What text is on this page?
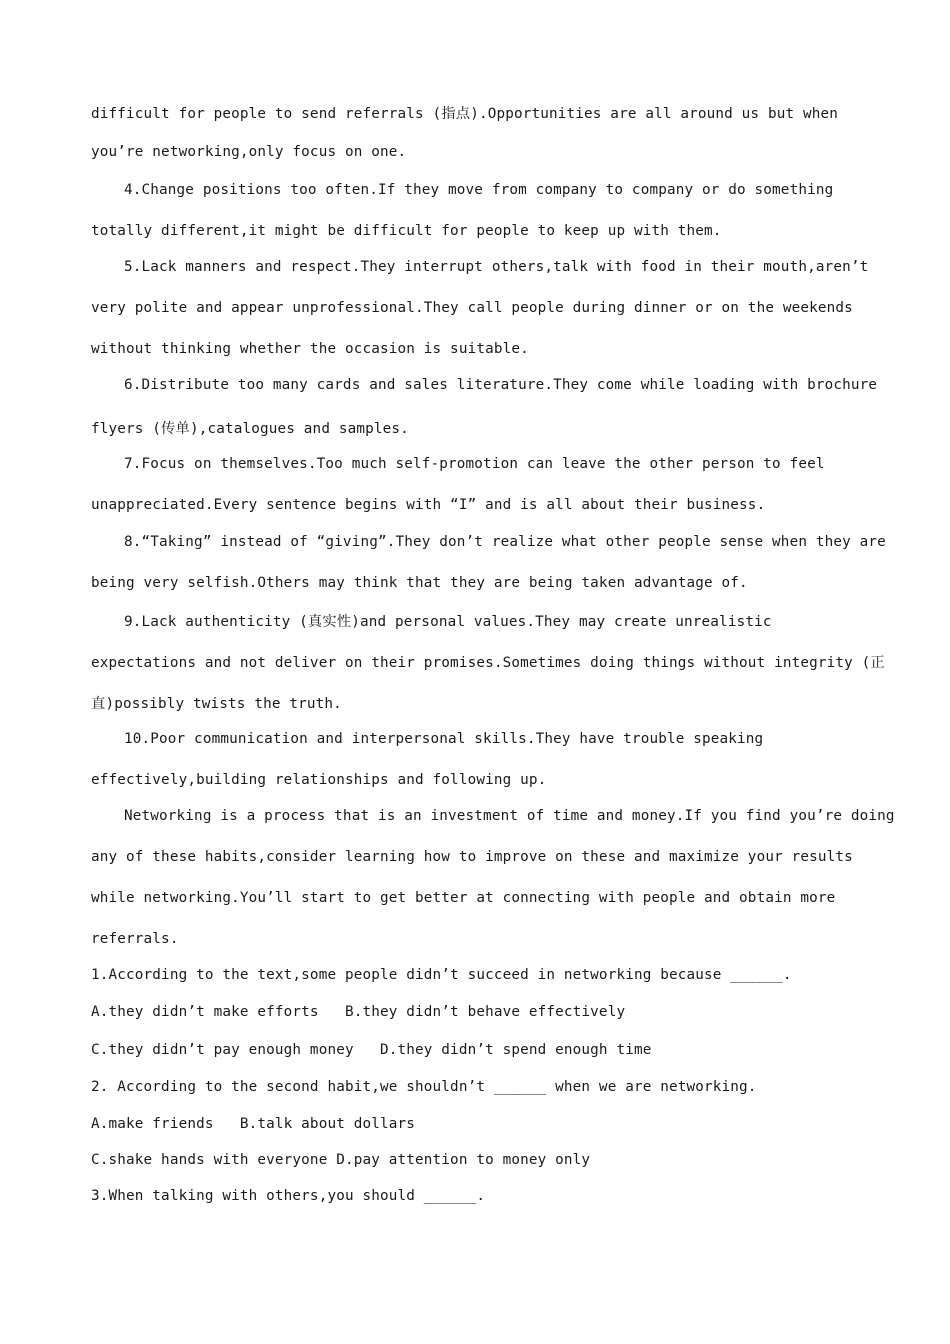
difficult for people to send referrals (指点).Opportunities are all around us but when
you’re networking,only focus on one.
4.Change positions too often.If they move from company to company or do something
totally different,it might be difficult for people to keep up with them.
5.Lack manners and respect.They interrupt others,talk with food in their mouth,aren’t
very polite and appear unprofessional.They call people during dinner or on the weekends
without thinking whether the occasion is suitable.
6.Distribute too many cards and sales literature.They come while loading with brochure
flyers (传单),catalogues and samples.
7.Focus on themselves.Too much self-promotion can leave the other person to feel
unappreciated.Every sentence begins with “I” and is all about their business.
8.“Taking” instead of “giving”.They don’t realize what other people sense when they are
being very selfish.Others may think that they are being taken advantage of.
9.Lack authenticity (真实性)and personal values.They may create unrealistic
expectations and not deliver on their promises.Sometimes doing things without integrity (正
直)possibly twists the truth.
10.Poor communication and interpersonal skills.They have trouble speaking
effectively,building relationships and following up.
Networking is a process that is an investment of time and money.If you find you’re doing
any of these habits,consider learning how to improve on these and maximize your results
while networking.You’ll start to get better at connecting with people and obtain more
referrals.
1.According to the text,some people didn’t succeed in networking because ______.
A.they didn’t make efforts   B.they didn’t behave effectively
C.they didn’t pay enough money   D.they didn’t spend enough time
2. According to the second habit,we shouldn’t ______ when we are networking.
A.make friends   B.talk about dollars
C.shake hands with everyone D.pay attention to money only
3.When talking with others,you should ______.
